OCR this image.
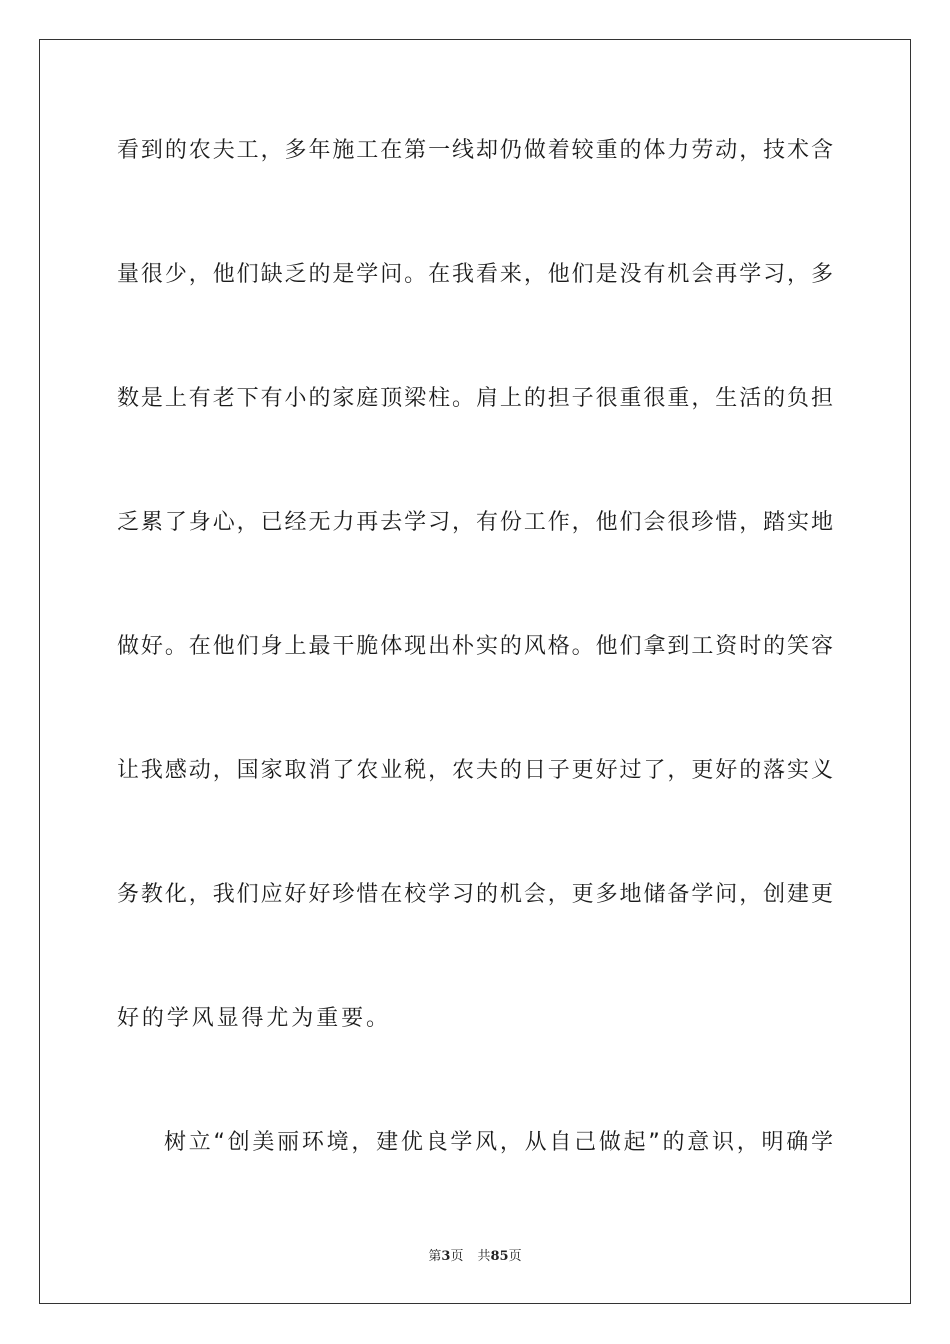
看到的农夫工，多年施工在第一线却仍做着较重的体力劳动，技术含
量很少，他们缺乏的是学问。在我看来，他们是没有机会再学习，多
数是上有老下有小的家庭顶梁柱。肩上的担子很重很重，生活的负担
乏累了身心，已经无力再去学习，有份工作，他们会很珍惜，踏实地
做好。在他们身上最干脆体现出朴实的风格。他们拿到工资时的笑容
让我感动，国家取消了农业税，农夫的日子更好过了，更好的落实义
务教化，我们应好好珍惜在校学习的机会，更多地储备学问，创建更
好的学风显得尤为重要。
树立“创美丽环境，建优良学风，从自己做起”的意识，明确学
第3页 共85页
